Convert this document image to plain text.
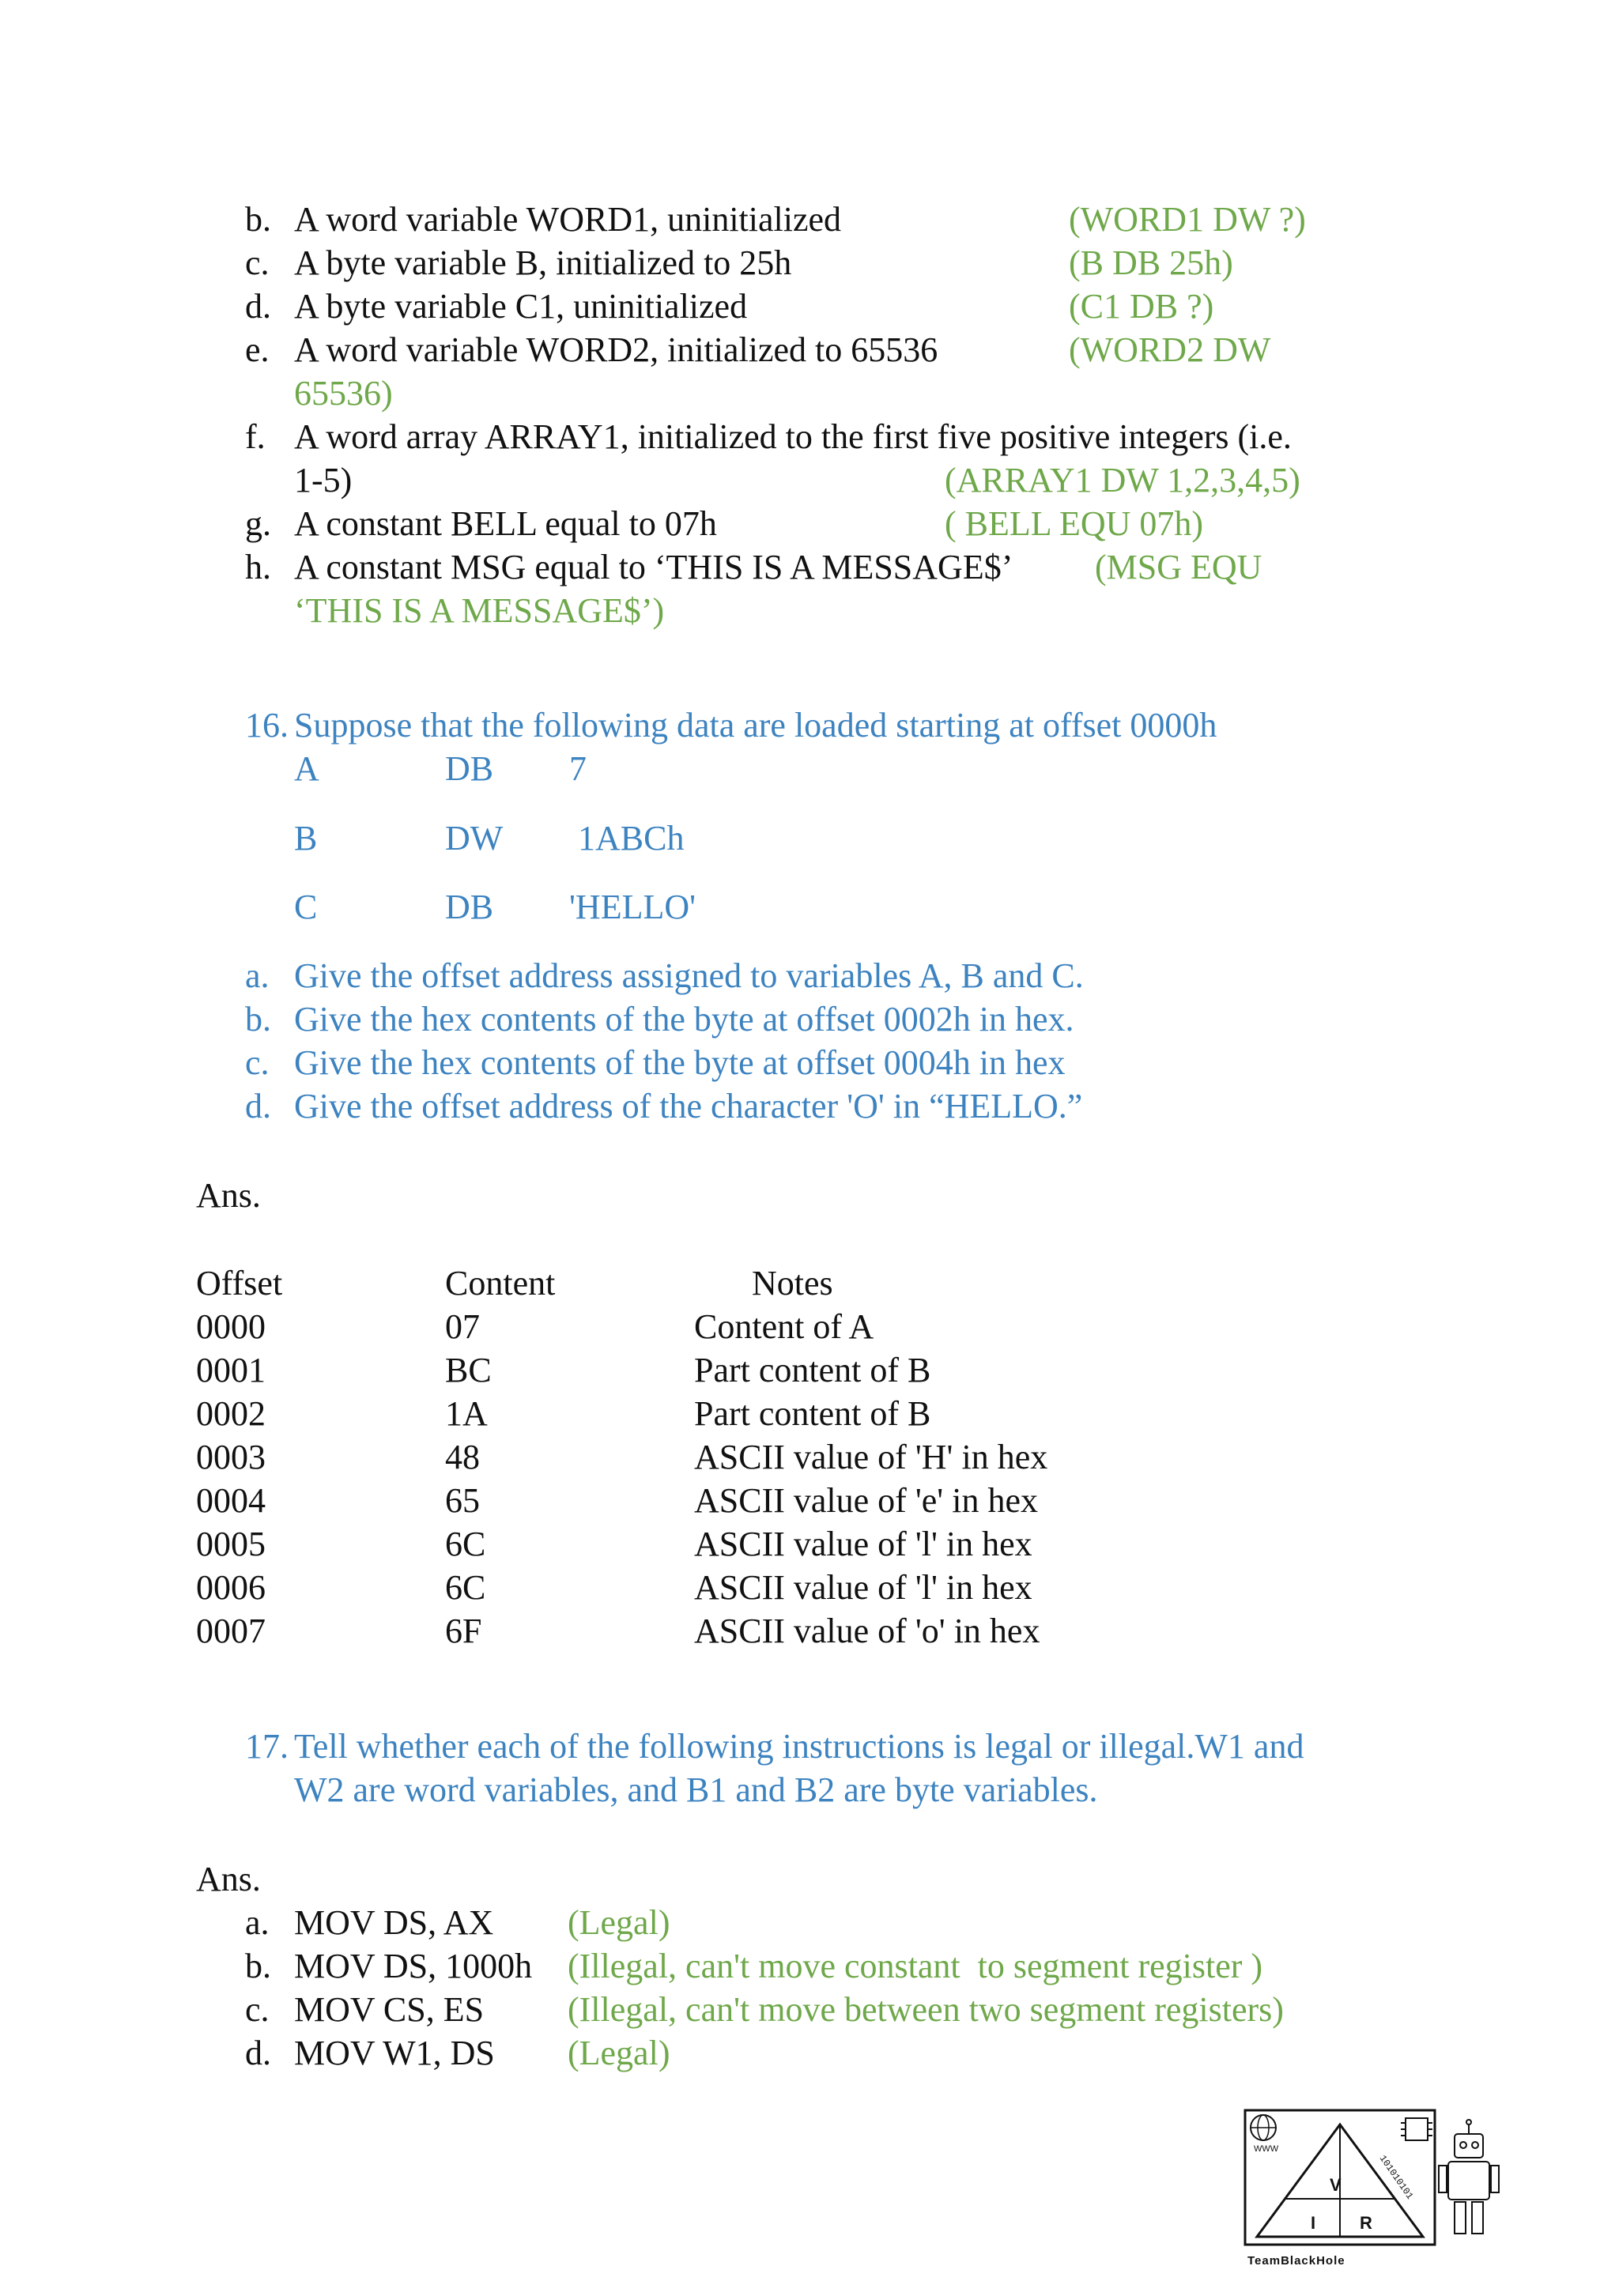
b. A word variable WORD1, uninitialized	(WORD1 DW ?)
c. A byte variable B, initialized to 25h	(B DB 25h)
d. A byte variable C1, uninitialized	(C1 DB ?)
e. A word variable WORD2, initialized to 65536	(WORD2 DW
65536)
f. A word array ARRAY1, initialized to the first five positive integers (i.e.
1-5)	(ARRAY1 DW 1,2,3,4,5)
g. A constant BELL equal to 07h	( BELL EQU 07h)
h. A constant MSG equal to ‘THIS IS A MESSAGE$’ (MSG EQU
‘THIS IS A MESSAGE$’)
16. Suppose that the following data are loaded starting at offset 0000h
A	DB 7
B	DW 1ABCh
C	DB 'HELLO'
a. Give the offset address assigned to variables A, B and C.
b. Give the hex contents of the byte at offset 0002h in hex.
c. Give the hex contents of the byte at offset 0004h in hex
d. Give the offset address of the character 'O' in “HELLO.”
Ans.
Offset	Content	Notes
0000	07	Content of A
0001	BC	Part content of B
0002	1A	Part content of B
0003	48	ASCII value of 'H' in hex
0004	65	ASCII value of 'e' in hex
0005	6C	ASCII value of 'l' in hex
0006	6C	ASCII value of 'l' in hex
0007	6F	ASCII value of 'o' in hex
17. Tell whether each of the following instructions is legal or illegal.W1 and
W2 are word variables, and B1 and B2 are byte variables.
Ans.
a. MOV DS, AX (Legal)
b. MOV DS, 1000h (Illegal, can't move constant  to segment register )
c. MOV CS, ES (Illegal, can't move between two segment registers)
d. MOV W1, DS (Legal)
WWW
101010101
V
I	R
TeamBlackHole
